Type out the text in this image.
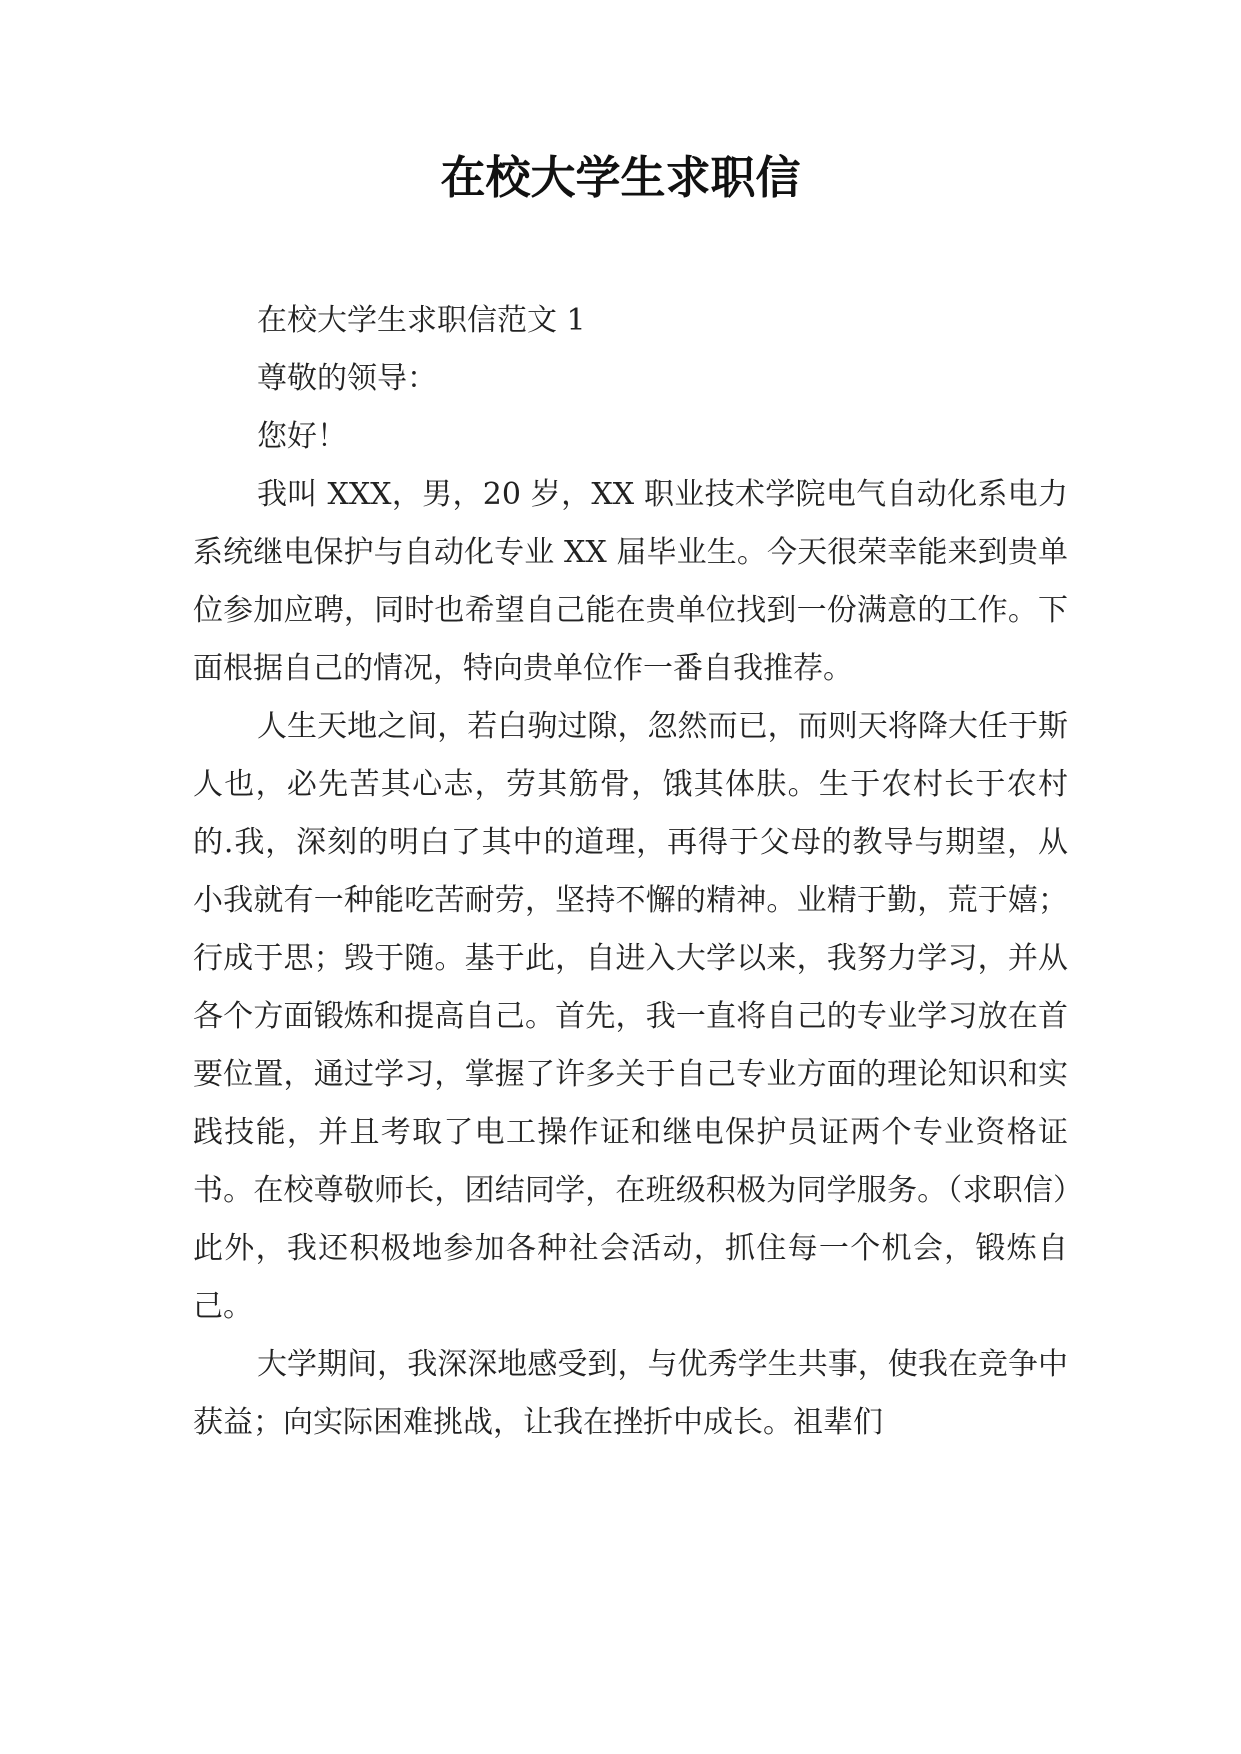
在校大学生求职信

在校大学生求职信范文 1

尊敬的领导：

您好！

我叫 XXX，男，20 岁，XX 职业技术学院电气自动化系电力系统继电保护与自动化专业 XX 届毕业生。今天很荣幸能来到贵单位参加应聘，同时也希望自己能在贵单位找到一份满意的工作。下面根据自己的情况，特向贵单位作一番自我推荐。

人生天地之间，若白驹过隙，忽然而已，而则天将降大任于斯人也，必先苦其心志，劳其筋骨，饿其体肤。生于农村长于农村的.我，深刻的明白了其中的道理，再得于父母的教导与期望，从小我就有一种能吃苦耐劳，坚持不懈的精神。业精于勤，荒于嬉；行成于思；毁于随。基于此，自进入大学以来，我努力学习，并从各个方面锻炼和提高自己。首先，我一直将自己的专业学习放在首要位置，通过学习，掌握了许多关于自己专业方面的理论知识和实践技能，并且考取了电工操作证和继电保护员证两个专业资格证书。在校尊敬师长，团结同学，在班级积极为同学服务。（求职信）此外，我还积极地参加各种社会活动，抓住每一个机会，锻炼自己。

大学期间，我深深地感受到，与优秀学生共事，使我在竞争中获益；向实际困难挑战，让我在挫折中成长。祖辈们
